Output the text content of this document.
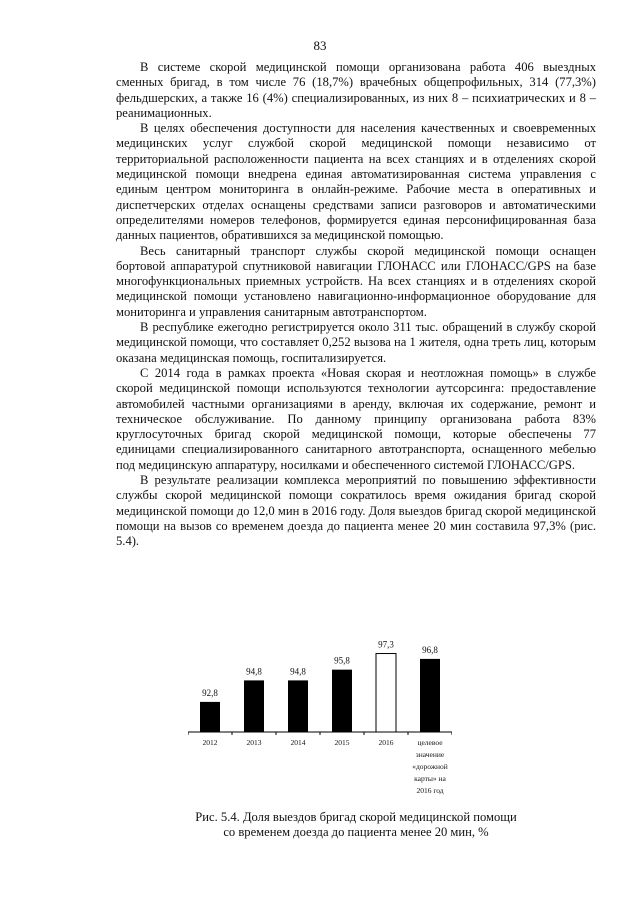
83

В системе скорой медицинской помощи организована работа 406 выездных сменных бригад, в том числе 76 (18,7%) врачебных общепрофильных, 314 (77,3%) фельдшерских, а также 16 (4%) специализированных, из них 8 – психиатрических и 8 – реанимационных.

В целях обеспечения доступности для населения качественных и своевременных медицинских услуг службой скорой медицинской помощи независимо от территориальной расположенности пациента на всех станциях и в отделениях скорой медицинской помощи внедрена единая автоматизированная система управления с единым центром мониторинга в онлайн-режиме. Рабочие места в оперативных и диспетчерских отделах оснащены средствами записи разговоров и автоматическими определителями номеров телефонов, формируется единая персонифицированная база данных пациентов, обратившихся за медицинской помощью.

Весь санитарный транспорт службы скорой медицинской помощи оснащен бортовой аппаратурой спутниковой навигации ГЛОНАСС или ГЛОНАСС/GPS на базе многофункциональных приемных устройств. На всех станциях и в отделениях скорой медицинской помощи установлено навигационно-информационное оборудование для мониторинга и управления санитарным автотранспортом.

В республике ежегодно регистрируется около 311 тыс. обращений в службу скорой медицинской помощи, что составляет 0,252 вызова на 1 жителя, одна треть лиц, которым оказана медицинская помощь, госпитализируется.

С 2014 года в рамках проекта «Новая скорая и неотложная помощь» в службе скорой медицинской помощи используются технологии аутсорсинга: предоставление автомобилей частными организациями в аренду, включая их содержание, ремонт и техническое обслуживание. По данному принципу организована работа 83% круглосуточных бригад скорой медицинской помощи, которые обеспечены 77 единицами специализированного санитарного автотранспорта, оснащенного мебелью под медицинскую аппаратуру, носилками и обеспеченного системой ГЛОНАСС/GPS.

В результате реализации комплекса мероприятий по повышению эффективности службы скорой медицинской помощи сократилось время ожидания бригад скорой медицинской помощи до 12,0 мин в 2016 году. Доля выездов бригад скорой медицинской помощи на вызов со временем доезда до пациента менее 20 мин составила 97,3% (рис. 5.4).

92,8
2012
94,8
2013
94,8
2014
95,8
2015
97,3
2016
96,8
целевое значение «дорожной карты» на 2016 год
Рис. 5.4. Доля выездов бригад скорой медицинской помощи
со временем доезда до пациента менее 20 мин, %
